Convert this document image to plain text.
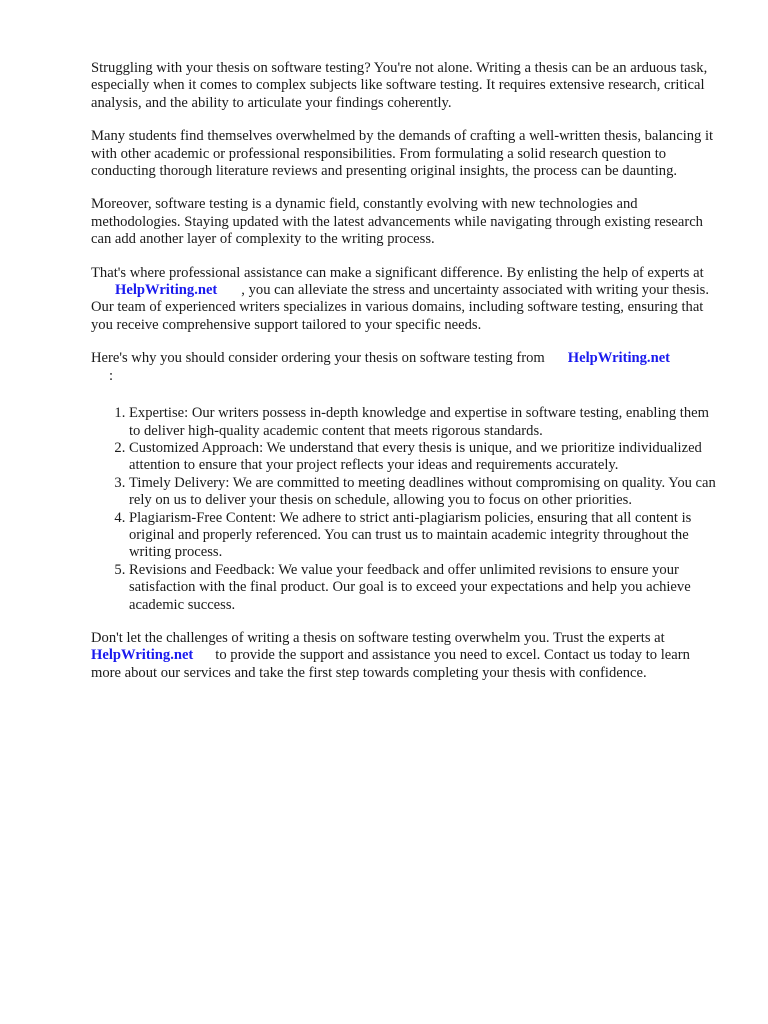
Struggling with your thesis on software testing? You're not alone. Writing a thesis can be an arduous task, especially when it comes to complex subjects like software testing. It requires extensive research, critical analysis, and the ability to articulate your findings coherently.

Many students find themselves overwhelmed by the demands of crafting a well-written thesis, balancing it with other academic or professional responsibilities. From formulating a solid research question to conducting thorough literature reviews and presenting original insights, the process can be daunting.

Moreover, software testing is a dynamic field, constantly evolving with new technologies and methodologies. Staying updated with the latest advancements while navigating through existing research can add another layer of complexity to the writing process.

That's where professional assistance can make a significant difference. By enlisting the help of experts atHelpWriting.net , you can alleviate the stress and uncertainty associated with writing your thesis. Our team of experienced writers specializes in various domains, including software testing, ensuring that you receive comprehensive support tailored to your specific needs.

Here's why you should consider ordering your thesis on software testing from HelpWriting.net
:

1. Expertise: Our writers possess in-depth knowledge and expertise in software testing, enabling them to deliver high-quality academic content that meets rigorous standards.
2. Customized Approach: We understand that every thesis is unique, and we prioritize individualized attention to ensure that your project reflects your ideas and requirements accurately.
3. Timely Delivery: We are committed to meeting deadlines without compromising on quality. You can rely on us to deliver your thesis on schedule, allowing you to focus on other priorities.
4. Plagiarism-Free Content: We adhere to strict anti-plagiarism policies, ensuring that all content is original and properly referenced. You can trust us to maintain academic integrity throughout the writing process.
5. Revisions and Feedback: We value your feedback and offer unlimited revisions to ensure your satisfaction with the final product. Our goal is to exceed your expectations and help you achieve academic success.

Don't let the challenges of writing a thesis on software testing overwhelm you. Trust the experts at HelpWriting.net to provide the support and assistance you need to excel. Contact us today to learn more about our services and take the first step towards completing your thesis with confidence.
